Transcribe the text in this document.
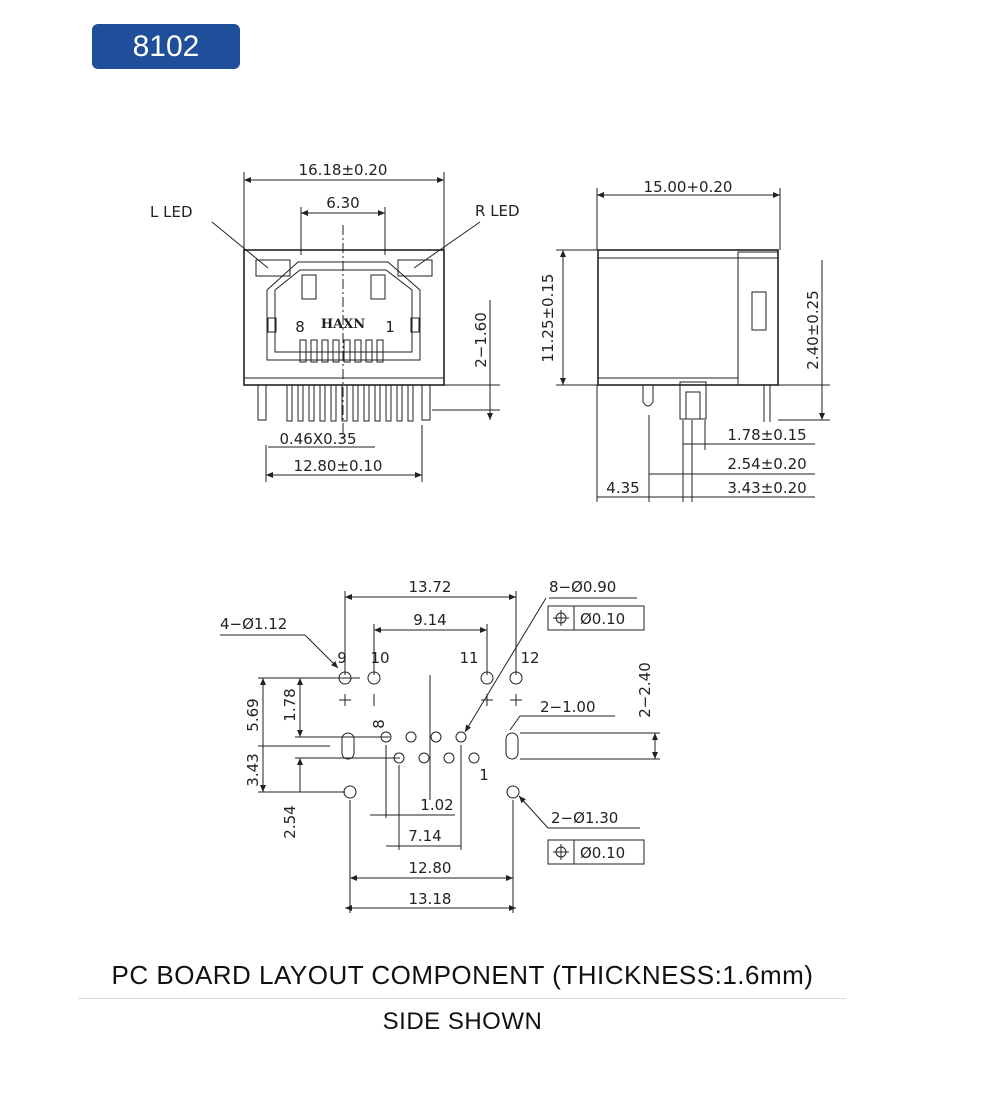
8102
16.18±0.20
6.30
L LED	R LED
8	1
HAXN	2−1.60
0.46X0.35
12.80±0.10
15.00+0.20
11.25±0.15	2.40±0.25
1.78±0.15
2.54±0.20
4.35	3.43±0.20
13.72
9.14
8−Ø0.90
Ø0.10
4−Ø1.12
9 10	11	12
8
1
5.69
3.43
1.78
2.54
2−2.40
2−1.00
1.02
7.14
12.80
13.18
2−Ø1.30
Ø0.10
PC BOARD LAYOUT COMPONENT (THICKNESS:1.6mm)
SIDE SHOWN
